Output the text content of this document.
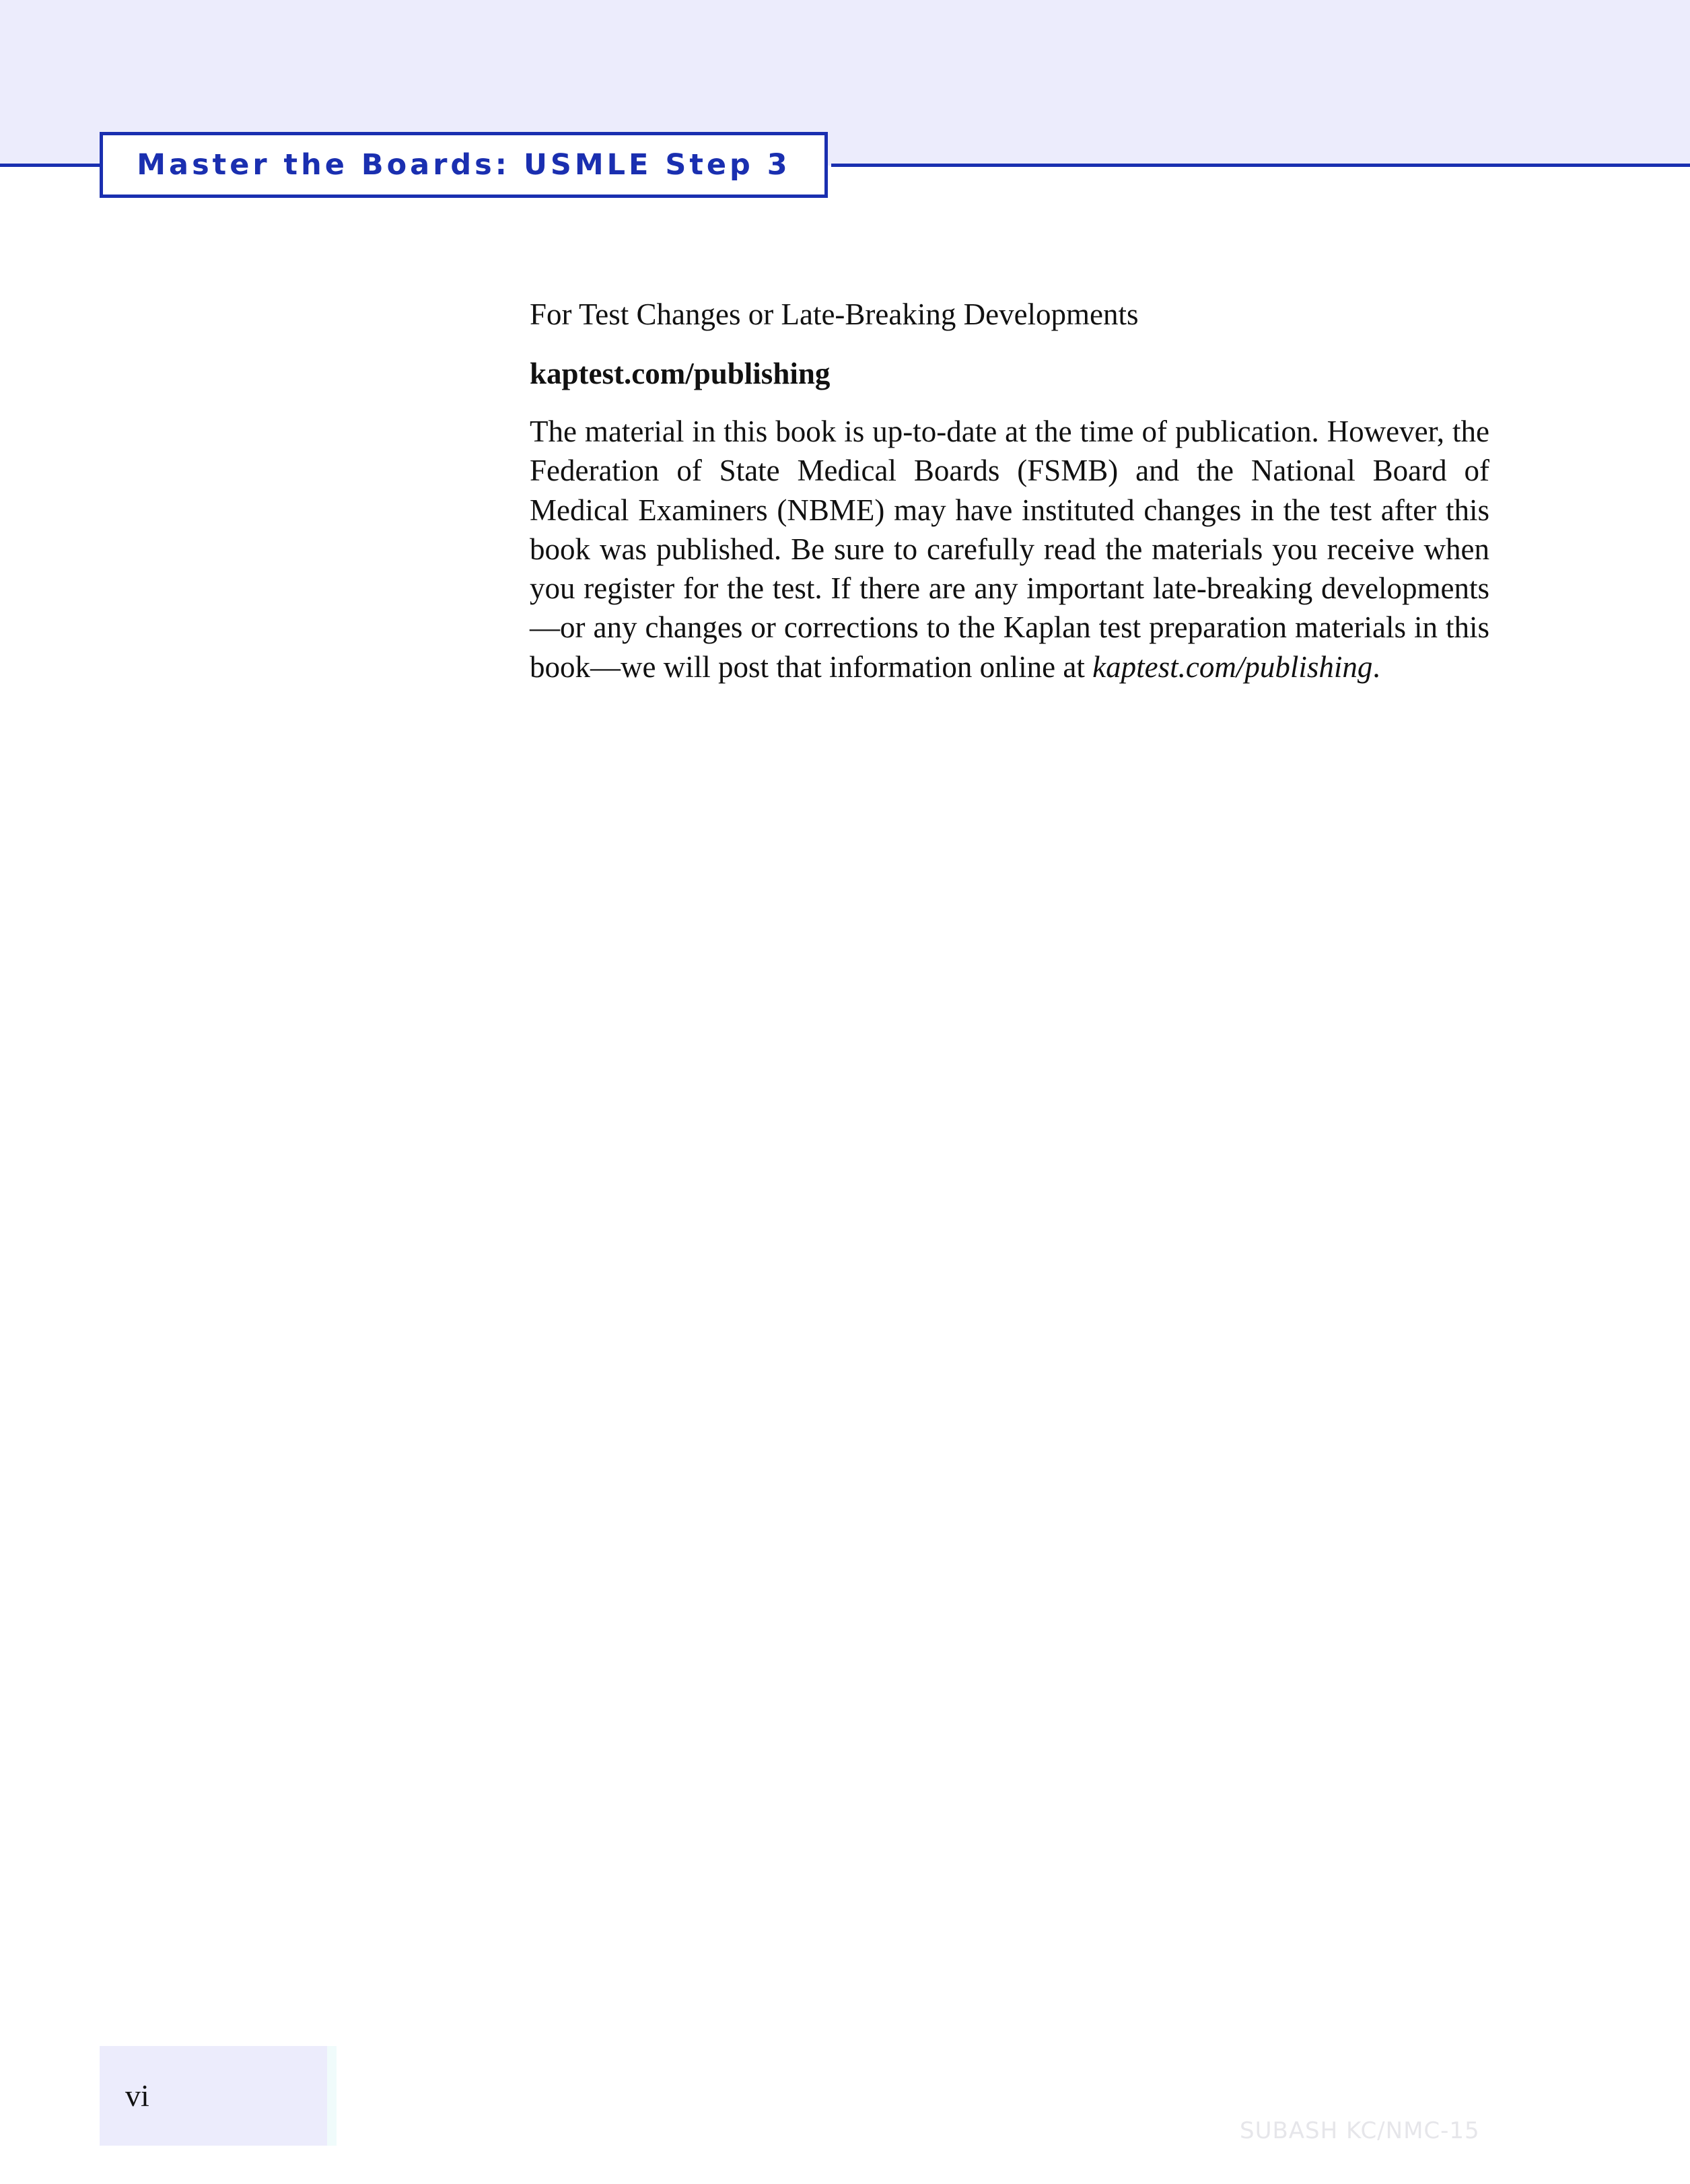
Master the Boards: USMLE Step 3

For Test Changes or Late-Breaking Developments

kaptest.com/publishing

The material in this book is up-to-date at the time of publication. However, the Federation of State Medical Boards (FSMB) and the National Board of Medical Examiners (NBME) may have instituted changes in the test after this book was published. Be sure to carefully read the materials you receive when you register for the test. If there are any important late-breaking developments—or any changes or corrections to the Kaplan test preparation materials in this book—we will post that information online at kaptest.com/publishing.

vi
SUBASH KC/NMC-15
